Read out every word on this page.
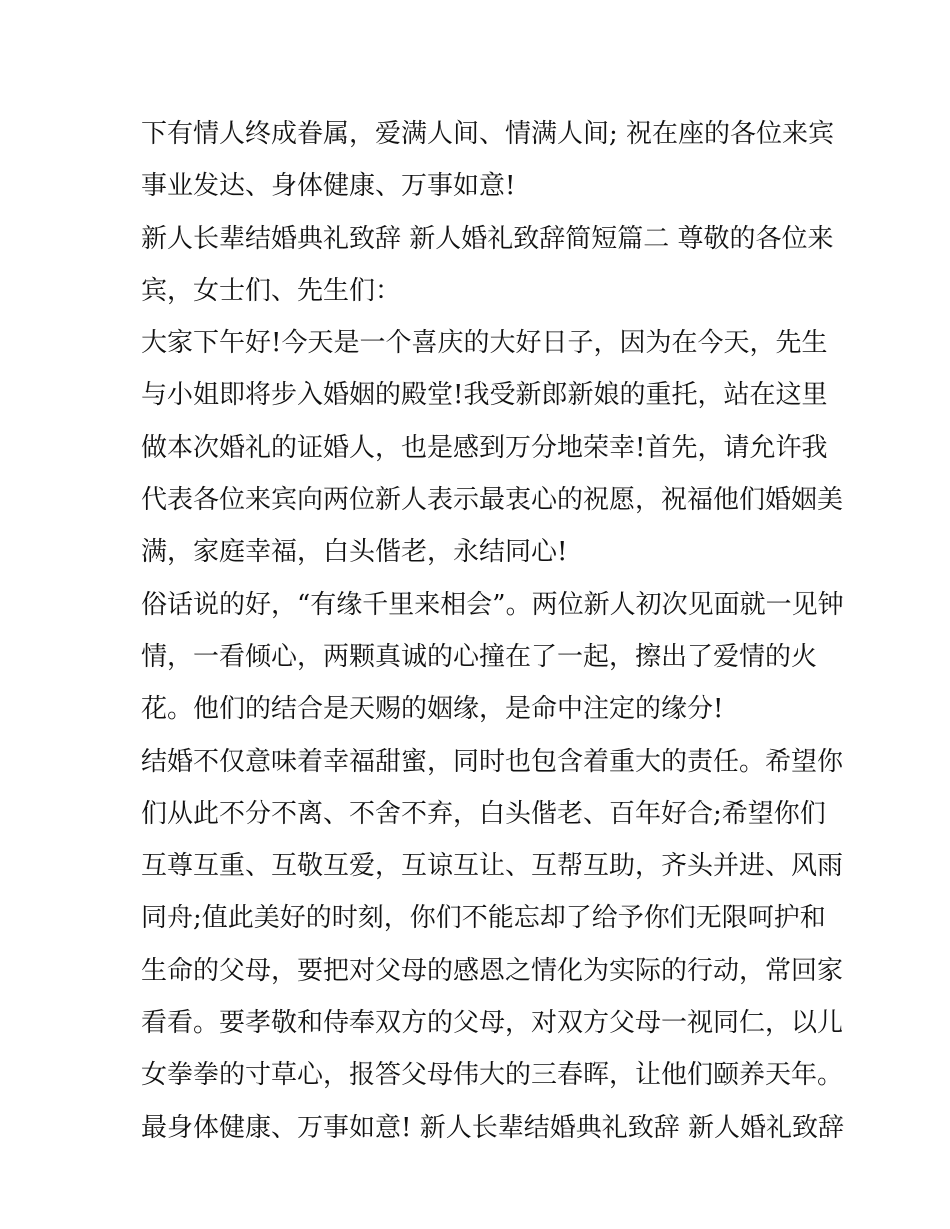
下有情人终成眷属，爱满人间、情满人间; 祝在座的各位来宾
事业发达、身体健康、万事如意!
新人长辈结婚典礼致辞 新人婚礼致辞简短篇二 尊敬的各位来
宾，女士们、先生们：
大家下午好!今天是一个喜庆的大好日子，因为在今天，先生
与小姐即将步入婚姻的殿堂!我受新郎新娘的重托，站在这里
做本次婚礼的证婚人，也是感到万分地荣幸!首先，请允许我
代表各位来宾向两位新人表示最衷心的祝愿，祝福他们婚姻美
满，家庭幸福，白头偕老，永结同心!
俗话说的好，“有缘千里来相会”。两位新人初次见面就一见钟
情，一看倾心，两颗真诚的心撞在了一起，擦出了爱情的火
花。他们的结合是天赐的姻缘，是命中注定的缘分!
结婚不仅意味着幸福甜蜜，同时也包含着重大的责任。希望你
们从此不分不离、不舍不弃，白头偕老、百年好合;希望你们
互尊互重、互敬互爱，互谅互让、互帮互助，齐头并进、风雨
同舟;值此美好的时刻，你们不能忘却了给予你们无限呵护和
生命的父母，要把对父母的感恩之情化为实际的行动，常回家
看看。要孝敬和侍奉双方的父母，对双方父母一视同仁，以儿
女拳拳的寸草心，报答父母伟大的三春晖，让他们颐养天年。
最身体健康、万事如意! 新人长辈结婚典礼致辞 新人婚礼致辞
